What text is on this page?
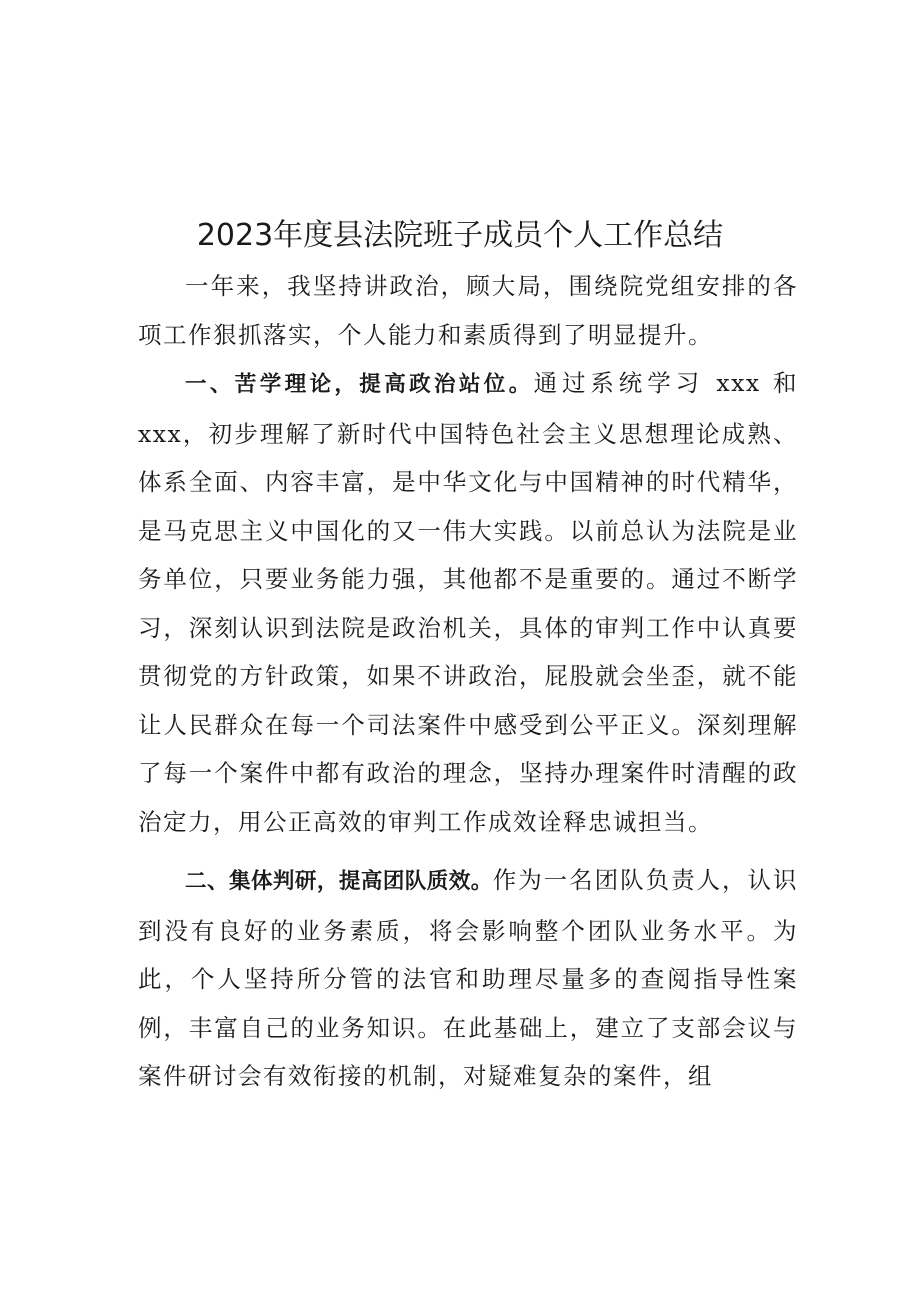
2023年度县法院班子成员个人工作总结

一年来，我坚持讲政治，顾大局，围绕院党组安排的各项工作狠抓落实，个人能力和素质得到了明显提升。

一、苦学理论，提高政治站位。通过系统学习 xxx 和 xxx，初步理解了新时代中国特色社会主义思想理论成熟、体系全面、内容丰富，是中华文化与中国精神的时代精华，是马克思主义中国化的又一伟大实践。以前总认为法院是业务单位，只要业务能力强，其他都不是重要的。通过不断学习，深刻认识到法院是政治机关，具体的审判工作中认真要贯彻党的方针政策，如果不讲政治，屁股就会坐歪，就不能让人民群众在每一个司法案件中感受到公平正义。深刻理解了每一个案件中都有政治的理念，坚持办理案件时清醒的政治定力，用公正高效的审判工作成效诠释忠诚担当。

二、集体判研，提高团队质效。作为一名团队负责人，认识到没有良好的业务素质，将会影响整个团队业务水平。为此，个人坚持所分管的法官和助理尽量多的查阅指导性案例，丰富自己的业务知识。在此基础上，建立了支部会议与案件研讨会有效衔接的机制，对疑难复杂的案件，组
